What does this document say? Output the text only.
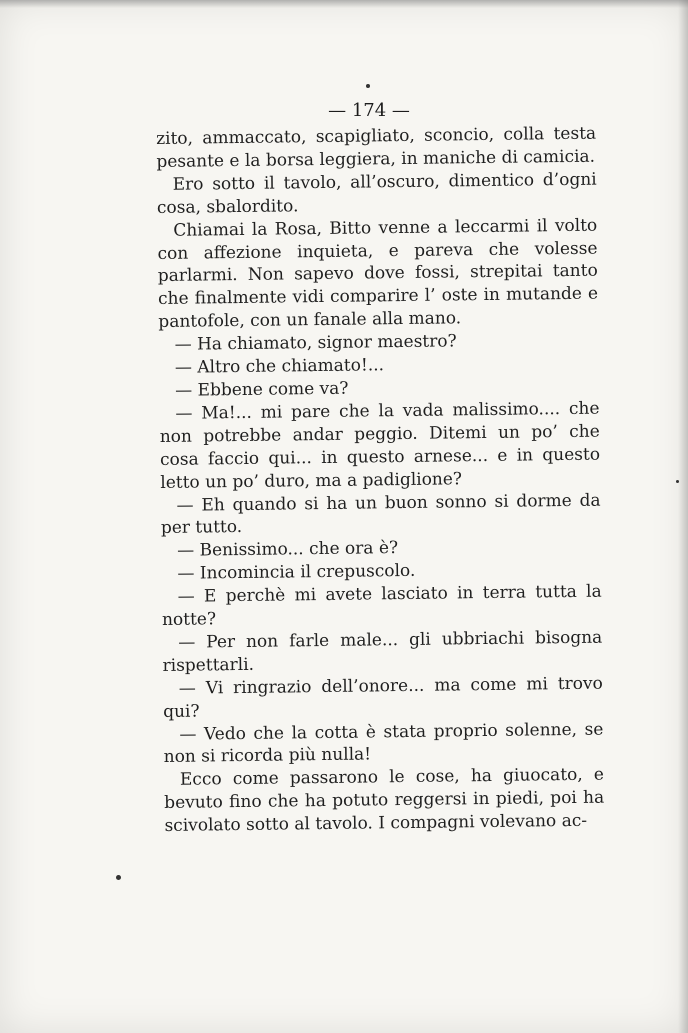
— 174 —

zito, ammaccato, scapigliato, sconcio, colla testa pesante e la borsa leggiera, in maniche di camicia.

Ero sotto il tavolo, all’oscuro, dimentico d’ogni cosa, sbalordito.

Chiamai la Rosa, Bitto venne a leccarmi il volto con affezione inquieta, e pareva che volesse parlarmi. Non sapevo dove fossi, strepitai tanto che finalmente vidi comparire l’ oste in mutande e pantofole, con un fanale alla mano.

— Ha chiamato, signor maestro?

— Altro che chiamato!...

— Ebbene come va?

— Ma!... mi pare che la vada malissimo.... che non potrebbe andar peggio. Ditemi un po’ che cosa faccio qui... in questo arnese... e in questo letto un po’ duro, ma a padiglione?

— Eh quando si ha un buon sonno si dorme da per tutto.

— Benissimo... che ora è?

— Incomincia il crepuscolo.

— E perchè mi avete lasciato in terra tutta la notte?

— Per non farle male... gli ubbriachi bisogna rispettarli.

— Vi ringrazio dell’onore... ma come mi trovo qui?

— Vedo che la cotta è stata proprio solenne, se non si ricorda più nulla!

Ecco come passarono le cose, ha giuocato, e bevuto fino che ha potuto reggersi in piedi, poi ha scivolato sotto al tavolo. I compagni volevano ac-
